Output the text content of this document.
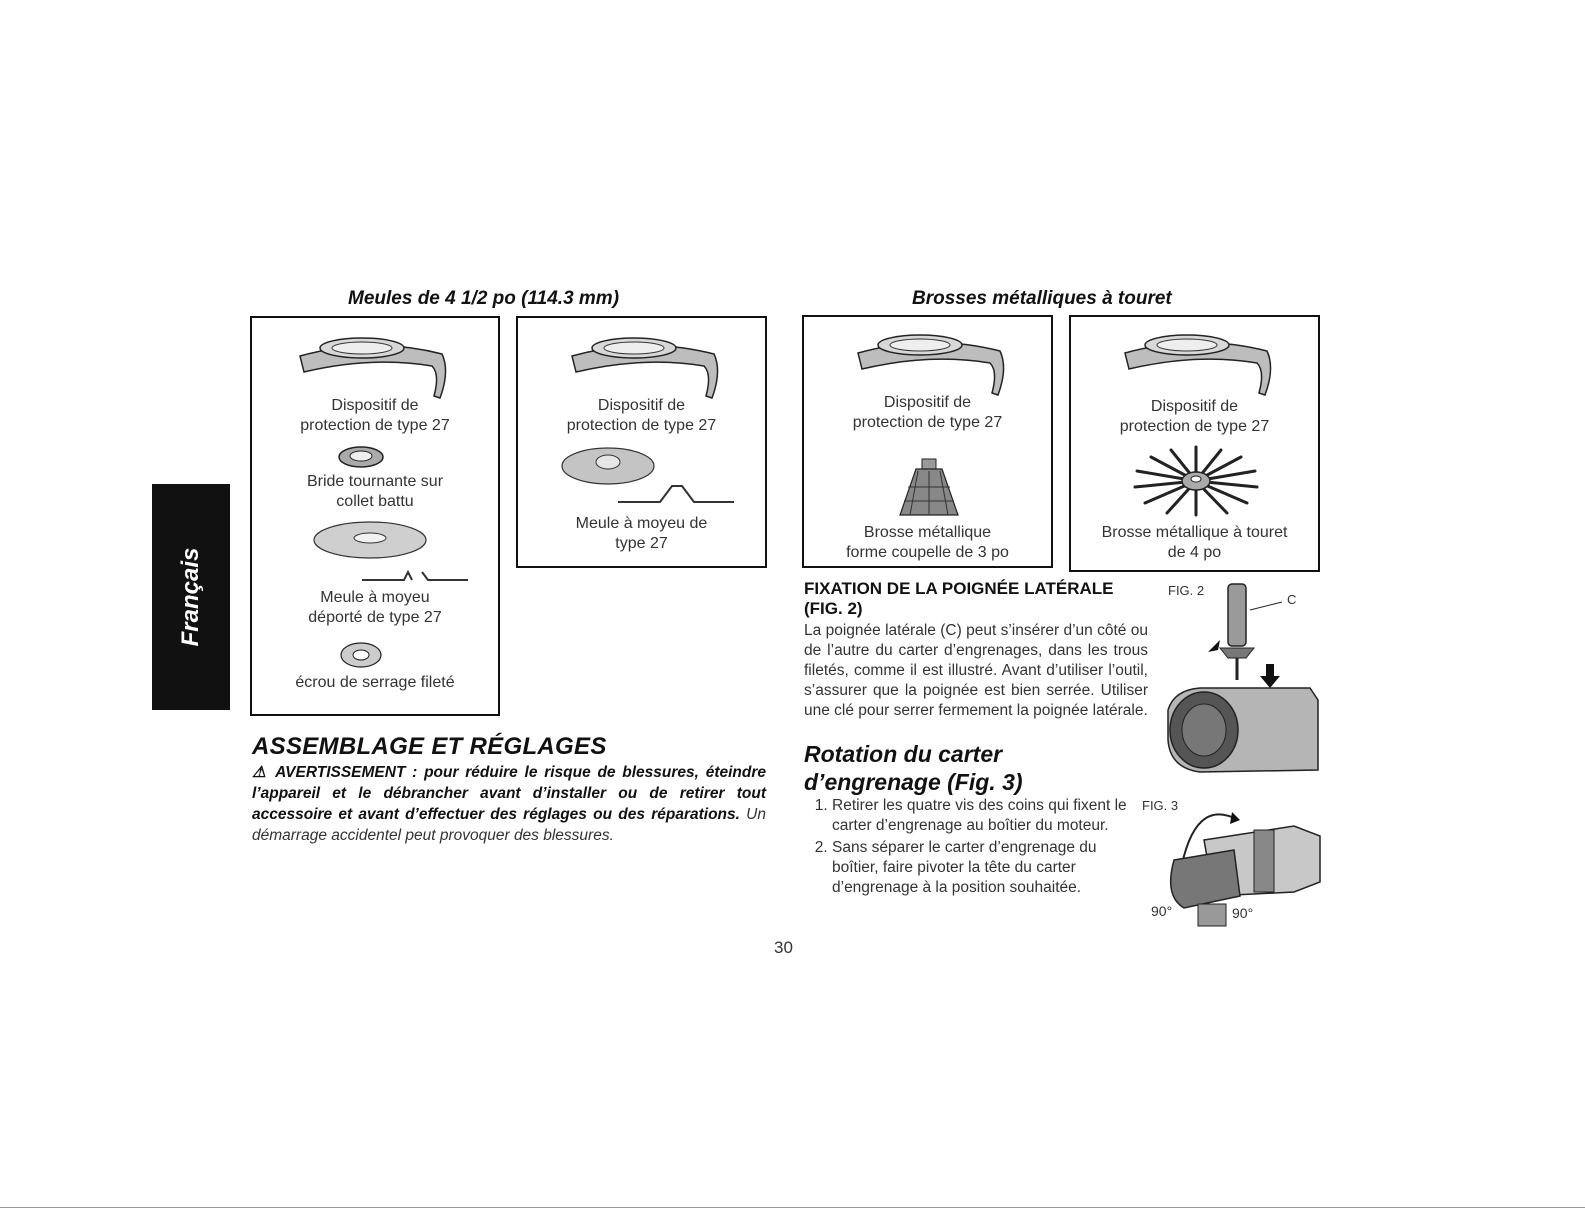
Français
Meules de 4 1/2 po (114.3 mm)	Brosses métalliques à touret
Dispositif de
protection de type 27
Bride tournante sur
collet battu
Meule à moyeu
déporté de type 27
écrou de serrage fileté
Dispositif de
protection de type 27
Meule à moyeu de
type 27
Dispositif de
protection de type 27
Brosse métallique
forme coupelle de 3 po
Dispositif de
protection de type 27
Brosse métallique à touret
de 4 po
ASSEMBLAGE ET RÉGLAGES
⚠ AVERTISSEMENT : pour réduire le risque de blessures, éteindre l’appareil et le débrancher avant d’installer ou de retirer tout accessoire et avant d’effectuer des réglages ou des réparations. Un démarrage accidentel peut provoquer des blessures.
FIXATION DE LA POIGNÉE LATÉRALE (FIG. 2)
La poignée latérale (C) peut s’insérer d’un côté ou de l’autre du carter d’engrenages, dans les trous filetés, comme il est illustré. Avant d’utiliser l’outil, s’assurer que la poignée est bien serrée. Utiliser une clé pour serrer fermement la poignée latérale.
FIG. 2
C
Rotation du carter
d’engrenage (Fig. 3)
1. Retirer les quatre vis des coins qui fixent le carter d’engrenage au boîtier du moteur.
2. Sans séparer le carter d’engrenage du boîtier, faire pivoter la tête du carter d’engrenage à la position souhaitée.
FIG. 3
90°	90°
30
